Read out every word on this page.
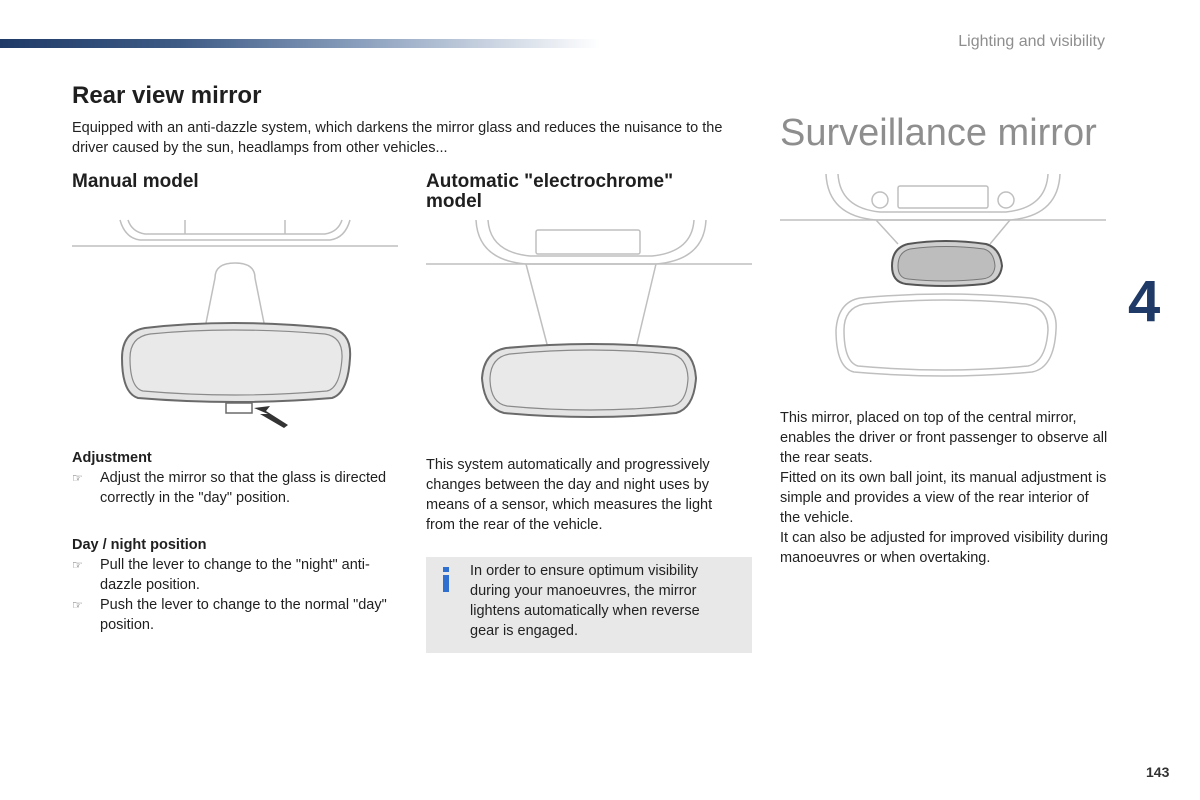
Lighting and visibility
Rear view mirror
Equipped with an anti-dazzle system, which darkens the mirror glass and reduces the nuisance to the driver caused by the sun, headlamps from other vehicles...
Manual model	Automatic "electrochrome" model
Surveillance mirror
4
Adjustment
☞ Adjust the mirror so that the glass is directed correctly in the "day" position.
Day / night position
☞ Pull the lever to change to the "night" anti-dazzle position.
☞ Push the lever to change to the normal "day" position.
This system automatically and progressively changes between the day and night uses by means of a sensor, which measures the light from the rear of the vehicle.
In order to ensure optimum visibility during your manoeuvres, the mirror lightens automatically when reverse gear is engaged.
This mirror, placed on top of the central mirror, enables the driver or front passenger to observe all the rear seats.
Fitted on its own ball joint, its manual adjustment is simple and provides a view of the rear interior of the vehicle.
It can also be adjusted for improved visibility during manoeuvres or when overtaking.
143
